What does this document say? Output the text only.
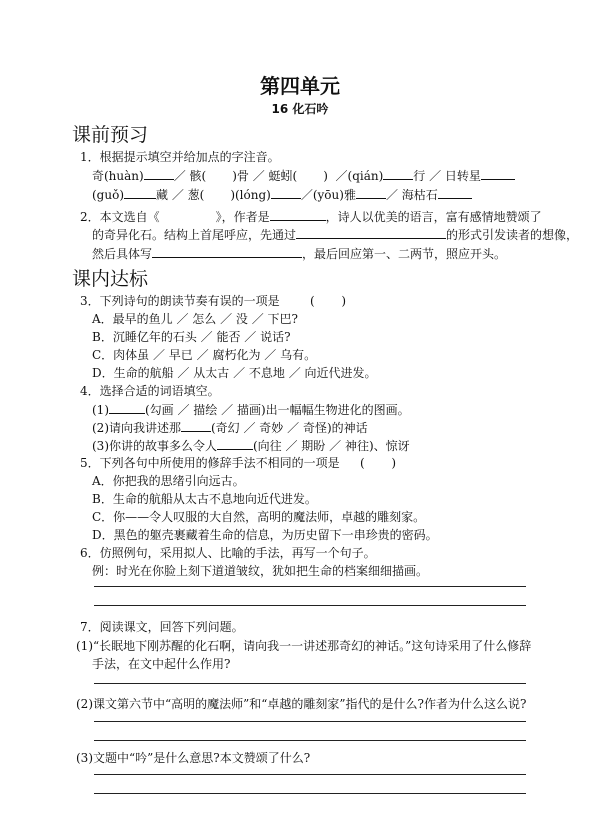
第四单元
16 化石吟
课前预习
1．根据提示填空并给加点的字注音。
奇(huàn)	／ 骸( )骨 ／ 蜓蚓( )  ／(qián)	行 ／ 日转星
(guǒ)	藏 ／ 葱( )(lóng)	／(yōu)雅	／ 海枯石
2．本文选自《	》，作者是	，诗人以优美的语言，富有感情地赞颂了
的奇异化石。结构上首尾呼应，先通过	的形式引发读者的想像，
然后具体写	，最后回应第一、二两节，照应开头。
课内达标
3．下列诗句的朗读节奏有误的一项是	(       )
A．最早的鱼儿 ／ 怎么 ／ 没 ／ 下巴?
B．沉睡亿年的石头 ／ 能否 ／ 说话?
C．肉体虽 ／ 早已 ／ 腐朽化为 ／ 乌有。
D．生命的航船 ／ 从太古 ／ 不息地 ／ 向近代进发。
4．选择合适的词语填空。
(1)	(勾画 ／ 描绘 ／ 描画)出一幅幅生物进化的图画。
(2)请向我讲述那	(奇幻 ／ 奇妙 ／ 奇怪)的神话
(3)你讲的故事多么令人	(向往 ／ 期盼 ／ 神往)、惊讶
5．下列各句中所使用的修辞手法不相同的一项是 (       )
A．你把我的思绪引向远古。
B．生命的航船从太古不息地向近代进发。
C．你——令人叹服的大自然，高明的魔法师，卓越的雕刻家。
D．黑色的躯壳裹藏着生命的信息，为历史留下一串珍贵的密码。
6．仿照例句，采用拟人、比喻的手法，再写一个句子。
例：时光在你脸上刻下道道皱纹，犹如把生命的档案细细描画。
7．阅读课文，回答下列问题。
(1)“长眠地下刚苏醒的化石啊，请向我一一讲述那奇幻的神话。”这句诗采用了什么修辞
手法，在文中起什么作用?
(2)课文第六节中“高明的魔法师”和“卓越的雕刻家”指代的是什么?作者为什么这么说?
(3)文题中“吟”是什么意思?本文赞颂了什么?
